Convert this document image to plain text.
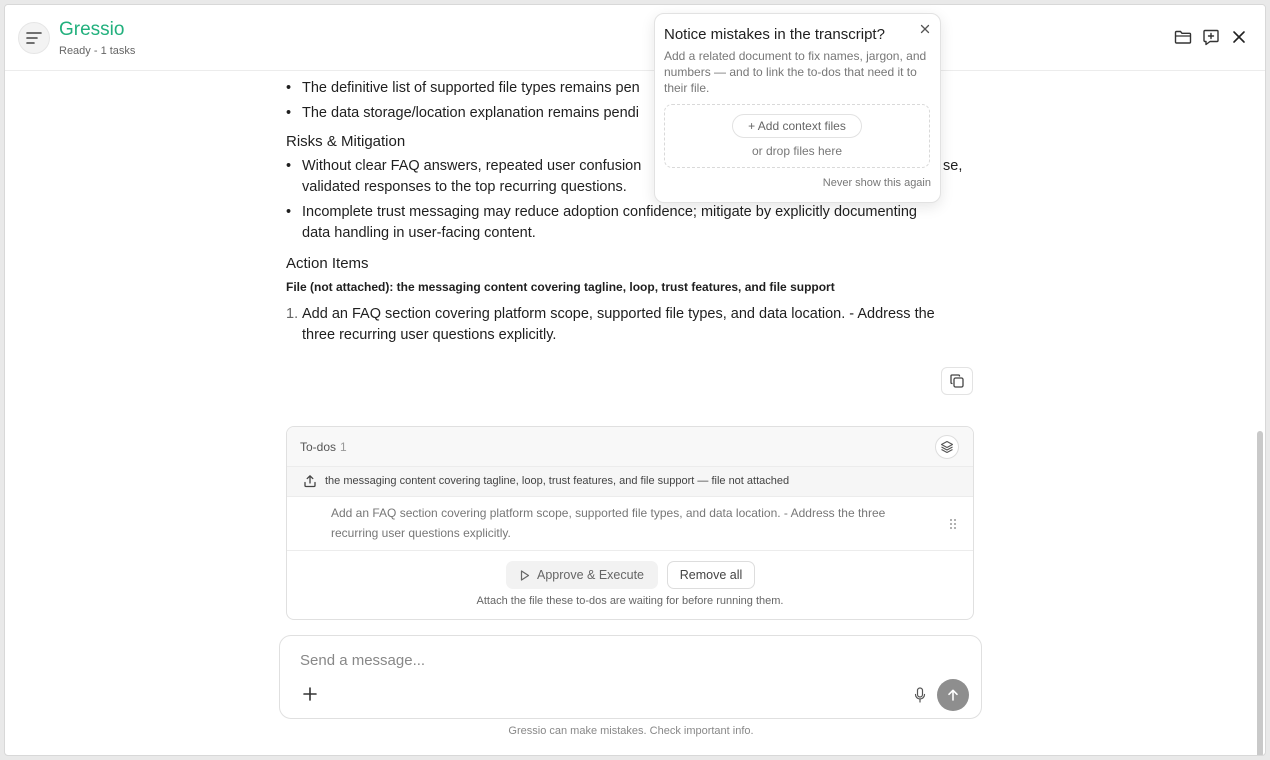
Gressio
Ready - 1 tasks
• The definitive list of supported file types remains pen
• The data storage/location explanation remains pendi
Risks & Mitigation
• Without clear FAQ answers, repeated user confusion	se,
validated responses to the top recurring questions.
• Incomplete trust messaging may reduce adoption confidence; mitigate by explicitly documenting
data handling in user-facing content.
Action Items
File (not attached): the messaging content covering tagline, loop, trust features, and file support
1. Add an FAQ section covering platform scope, supported file types, and data location. - Address the
three recurring user questions explicitly.
To-dos 1
the messaging content covering tagline, loop, trust features, and file support — file not attached
Add an FAQ section covering platform scope, supported file types, and data location. - Address the three
recurring user questions explicitly.
Approve & Execute	Remove all
Attach the file these to-dos are waiting for before running them.
Send a message...
Gressio can make mistakes. Check important info.
Notice mistakes in the transcript?
Add a related document to fix names, jargon, and numbers — and to link the to-dos that need it to their file.
+ Add context files
or drop files here
Never show this again
